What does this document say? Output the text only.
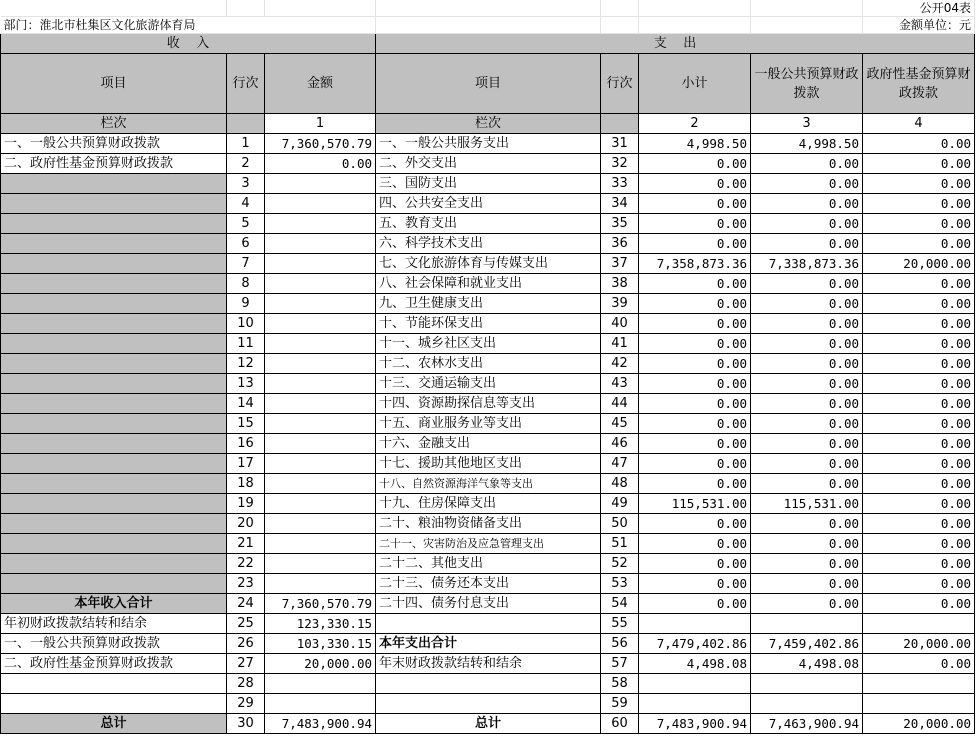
							公开04表
部门：淮北市杜集区文化旅游体育局							金额单位：元
收    入			支    出				
项目	行次	金额	项目	行次	小计	一般公共预算财政拨款	政府性基金预算财政拨款
栏次		1	栏次		2	3	4
一、一般公共预算财政拨款	1	7,360,570.79	一、一般公共服务支出	31	4,998.50	4,998.50	0.00
二、政府性基金预算财政拨款	2	0.00	二、外交支出	32	0.00	0.00	0.00
	3		三、国防支出	33	0.00	0.00	0.00
	4		四、公共安全支出	34	0.00	0.00	0.00
	5		五、教育支出	35	0.00	0.00	0.00
	6		六、科学技术支出	36	0.00	0.00	0.00
	7		七、文化旅游体育与传媒支出	37	7,358,873.36	7,338,873.36	20,000.00
	8		八、社会保障和就业支出	38	0.00	0.00	0.00
	9		九、卫生健康支出	39	0.00	0.00	0.00
	10		十、节能环保支出	40	0.00	0.00	0.00
	11		十一、城乡社区支出	41	0.00	0.00	0.00
	12		十二、农林水支出	42	0.00	0.00	0.00
	13		十三、交通运输支出	43	0.00	0.00	0.00
	14		十四、资源勘探信息等支出	44	0.00	0.00	0.00
	15		十五、商业服务业等支出	45	0.00	0.00	0.00
	16		十六、金融支出	46	0.00	0.00	0.00
	17		十七、援助其他地区支出	47	0.00	0.00	0.00
	18		十八、自然资源海洋气象等支出	48	0.00	0.00	0.00
	19		十九、住房保障支出	49	115,531.00	115,531.00	0.00
	20		二十、粮油物资储备支出	50	0.00	0.00	0.00
	21		二十一、灾害防治及应急管理支出	51	0.00	0.00	0.00
	22		二十二、其他支出	52	0.00	0.00	0.00
	23		二十三、债务还本支出	53	0.00	0.00	0.00
本年收入合计	24	7,360,570.79	二十四、债务付息支出	54	0.00	0.00	0.00
年初财政拨款结转和结余	25	123,330.15		55			
一、一般公共预算财政拨款	26	103,330.15	本年支出合计	56	7,479,402.86	7,459,402.86	20,000.00
二、政府性基金预算财政拨款	27	20,000.00	年末财政拨款结转和结余	57	4,498.08	4,498.08	0.00
	28			58			
	29			59			
总计	30	7,483,900.94	总计	60	7,483,900.94	7,463,900.94	20,000.00
